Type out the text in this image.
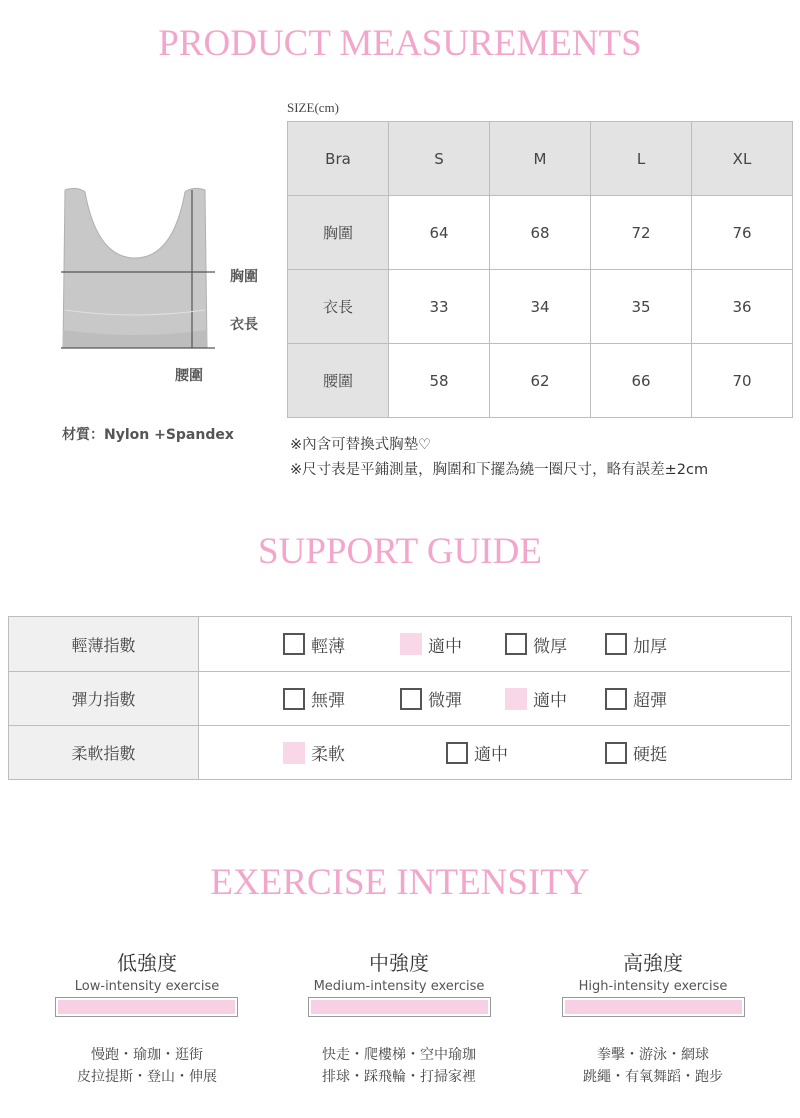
PRODUCT MEASUREMENTS
胸圍
衣長
腰圍
材質：Nylon +Spandex
SIZE(cm)
Bra	S	M	L	XL
胸圍	64	68	72	76
衣長	33	34	35	36
腰圍	58	62	66	70
※內含可替換式胸墊♡
※尺寸表是平鋪測量，胸圍和下擺為繞一圈尺寸，略有誤差±2cm
SUPPORT GUIDE
輕薄指數	輕薄	適中	微厚	加厚
彈力指數	無彈	微彈	適中	超彈
柔軟指數	柔軟	適中	硬挺
EXERCISE INTENSITY
低強度
Low-intensity exercise
慢跑・瑜珈・逛街
皮拉提斯・登山・伸展
中強度
Medium-intensity exercise
快走・爬樓梯・空中瑜珈
排球・踩飛輪・打掃家裡
高強度
High-intensity exercise
拳擊・游泳・網球
跳繩・有氧舞蹈・跑步
